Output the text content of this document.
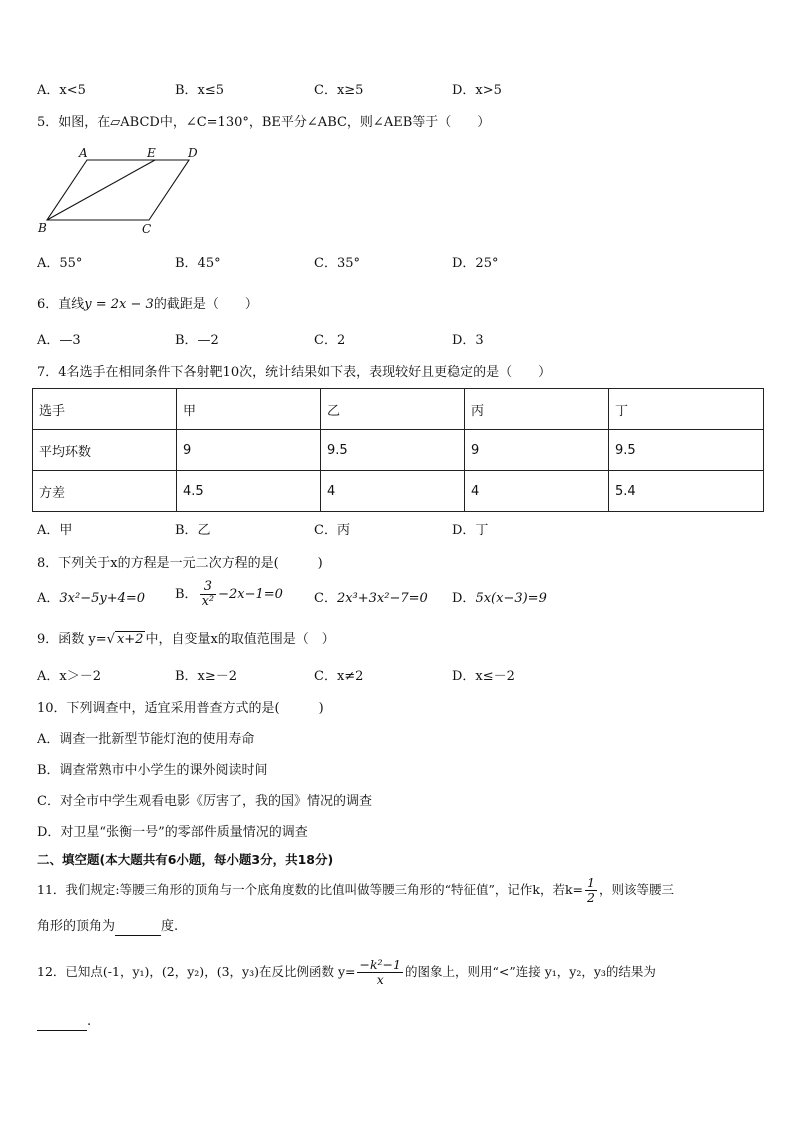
A．x<5	B．x≤5	C．x≥5	D．x>5
5．如图，在▱ABCD中，∠C=130°，BE平分∠ABC，则∠AEB等于（　　）
A	E	D
B	C
A．55°	B．45°	C．35°	D．25°
6．直线y = 2x − 3的截距是（　　）
A．—3	B．—2	C．2	D．3
7．4名选手在相同条件下各射靶10次，统计结果如下表，表现较好且更稳定的是（　　）
选手	甲	乙	丙	丁
平均环数	9	9.5	9	9.5
方差	4.5	4	4	5.4
A．甲	B．乙	C．丙	D．丁
8．下列关于x的方程是一元二次方程的是(　　　)
A．3x²−5y+4=0 B． $\frac{3}{\text{x²}} -2x-1=0$ C．2x³+3x²−7=0 D．5x(x−3)=9
9．函数 y=√ x+2 中，自变量x的取值范围是（　）
A．x＞－2	B．x≥－2	C．x≠2	D．x≤－2
10．下列调查中，适宜采用普查方式的是(　　　)
A．调查一批新型节能灯泡的使用寿命
B．调查常熟市中小学生的课外阅读时间
C．对全市中学生观看电影《厉害了，我的国》情况的调查
D．对卫星“张衡一号”的零部件质量情况的调查
二、填空题(本大题共有6小题，每小题3分，共18分)
11．我们规定:等腰三角形的顶角与一个底角度数的比值叫做等腰三角形的“特征值”，记作k，若$k= \frac{1}{2}$ ，则该等腰三
角形的顶角为	度.
12．已知点(-1，y₁)，(2，y₂)，(3，y₃)在反比例函数 $y= \frac{\text{−k²−1}}{x}$ 的图象上，则用“<”连接 y₁，y₂，y₃的结果为
.
